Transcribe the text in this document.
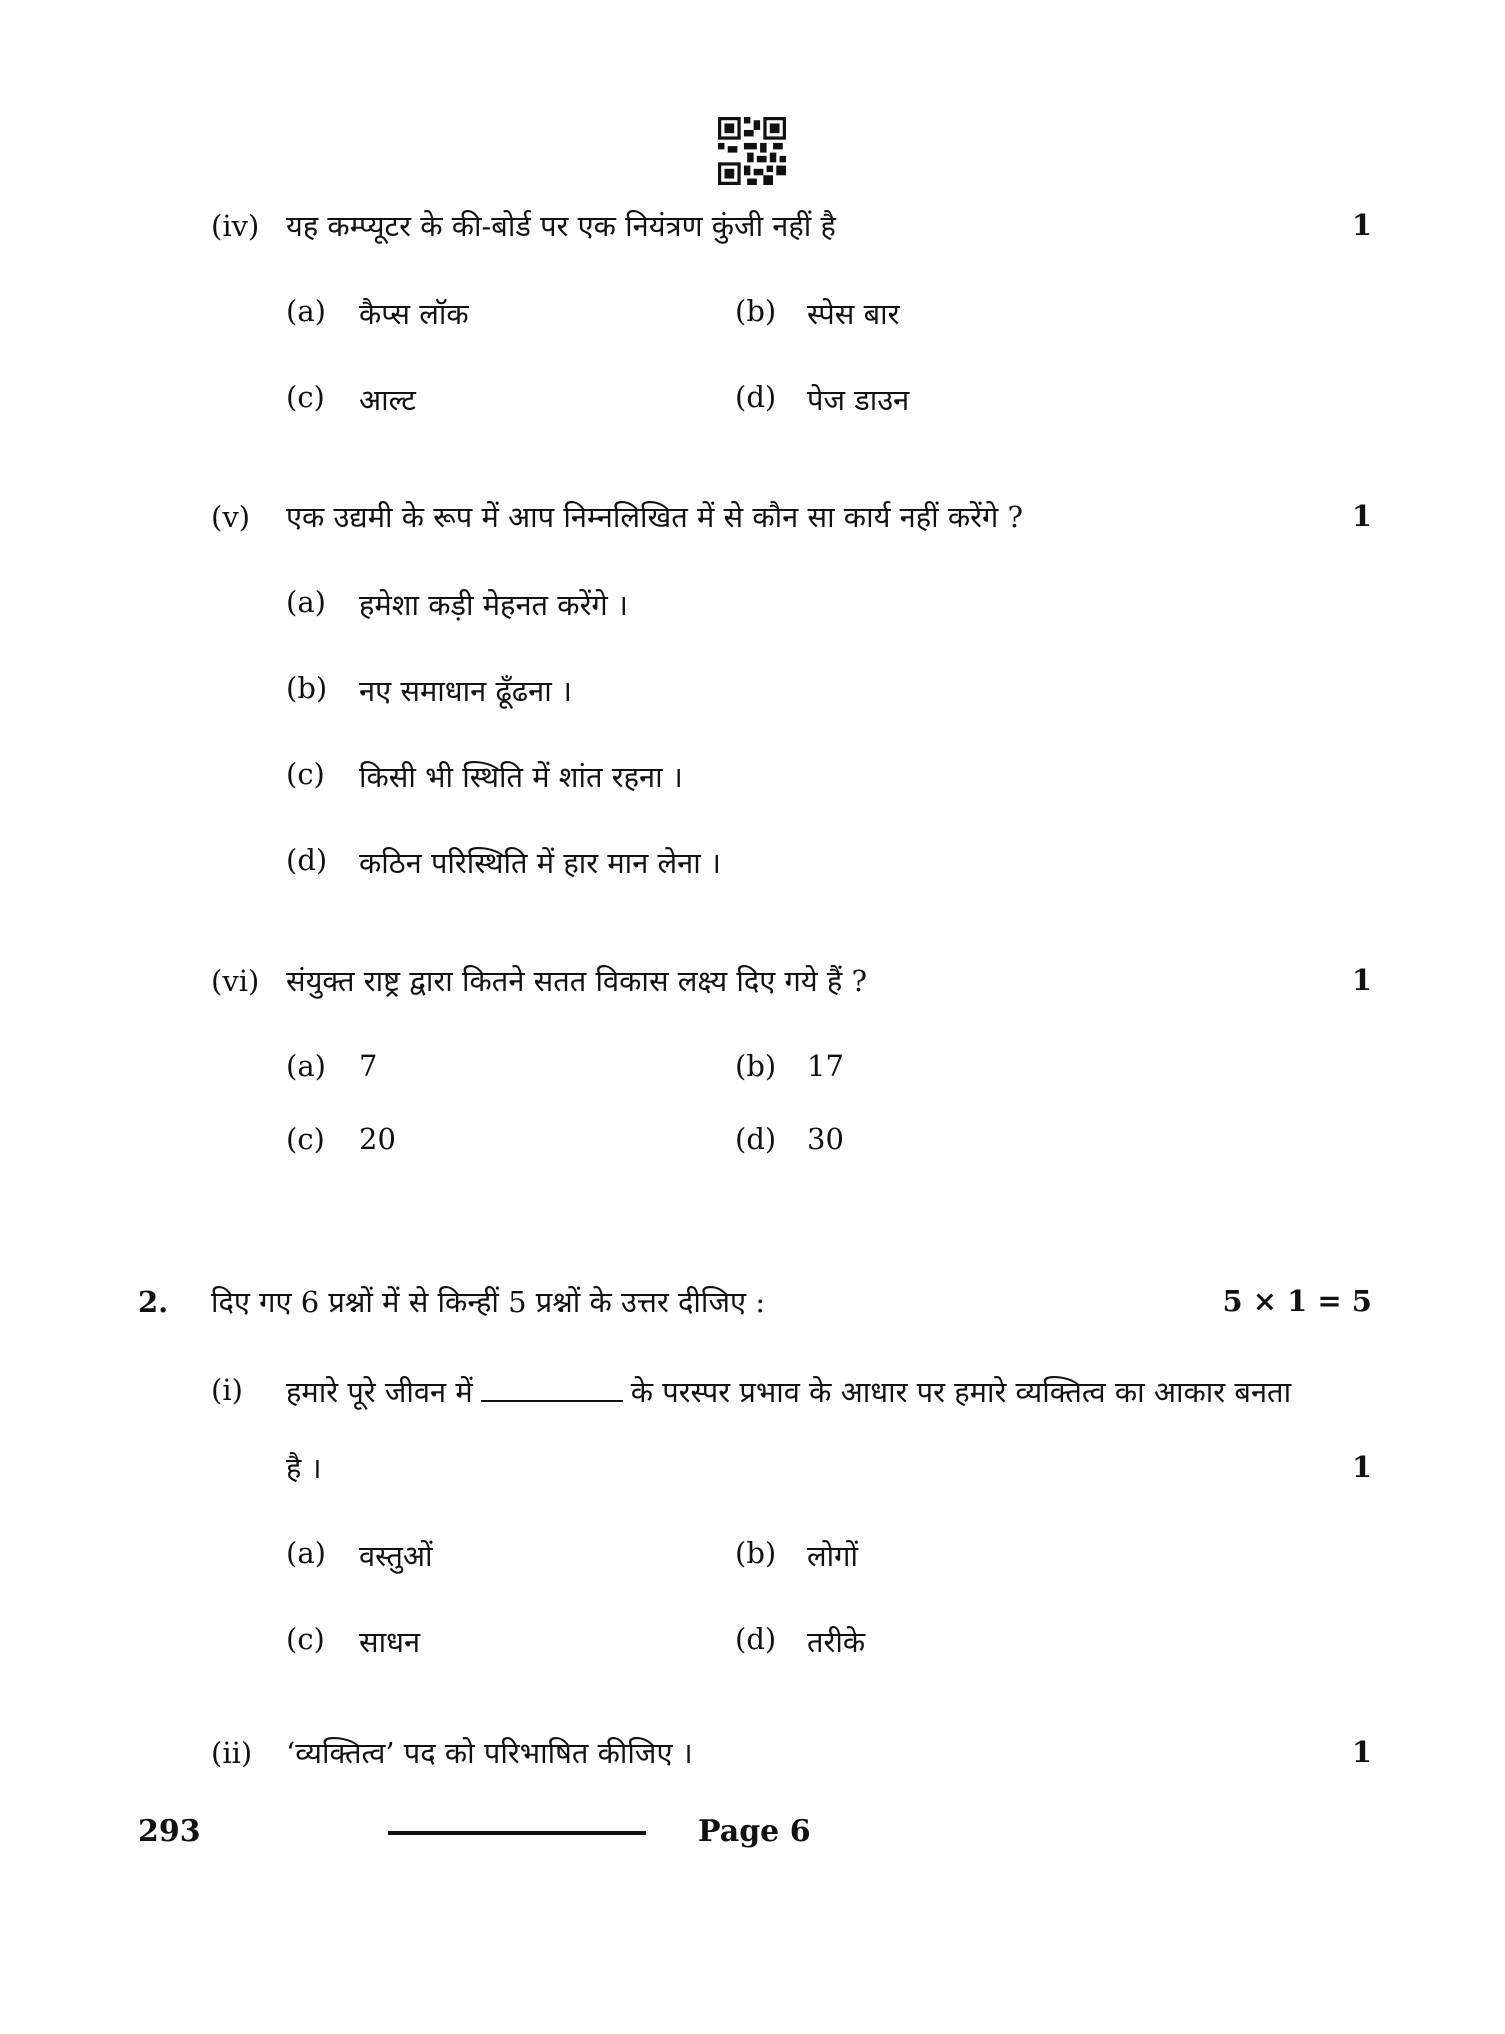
(iv) यह कम्प्यूटर के की-बोर्ड पर एक नियंत्रण कुंजी नहीं है	1
(a) कैप्स लॉक	(b) स्पेस बार
(c) आल्ट	(d) पेज डाउन
(v) एक उद्यमी के रूप में आप निम्नलिखित में से कौन सा कार्य नहीं करेंगे ?	1
(a) हमेशा कड़ी मेहनत करेंगे ।
(b) नए समाधान ढूँढना ।
(c) किसी भी स्थिति में शांत रहना ।
(d) कठिन परिस्थिति में हार मान लेना ।
(vi) संयुक्त राष्ट्र द्वारा कितने सतत विकास लक्ष्य दिए गये हैं ?	1
(a) 7	(b) 17
(c) 20	(d) 30
2. दिए गए 6 प्रश्नों में से किन्हीं 5 प्रश्नों के उत्तर दीजिए :	5 × 1 = 5
(i) हमारे पूरे जीवन में	के परस्पर प्रभाव के आधार पर हमारे व्यक्तित्व का आकार बनता
है ।	1
(a) वस्तुओं	(b) लोगों
(c) साधन	(d) तरीके
(ii) ‘व्यक्तित्व’ पद को परिभाषित कीजिए ।	1
293	Page 6
